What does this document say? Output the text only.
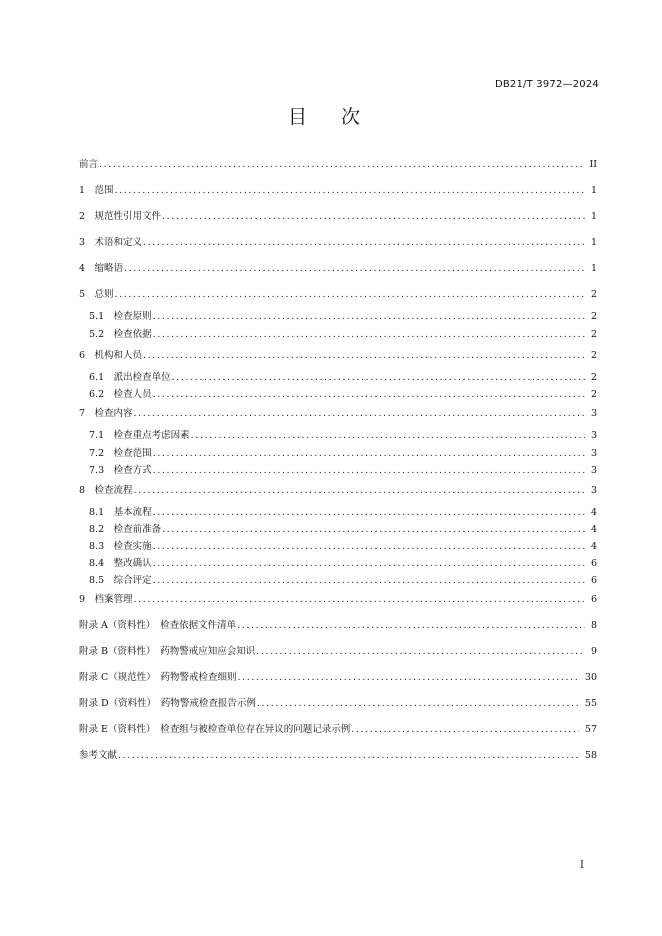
DB21/T 3972—2024
目 次
前言 .....	II
1　范围 .....	1
2　规范性引用文件 .....	1
3　术语和定义 .....	1
4　缩略语 .....	1
5　总则 .....	2
5.1　检查原则 .....	2
5.2　检查依据 .....	2
6　机构和人员 .....	2
6.1　派出检查单位 .....	2
6.2　检查人员 .....	2
7　检查内容 .....	3
7.1　检查重点考虑因素 .....	3
7.2　检查范围 .....	3
7.3　检查方式 .....	3
8　检查流程 .....	3
8.1　基本流程 .....	4
8.2　检查前准备 .....	4
8.3　检查实施 .....	4
8.4　整改确认 .....	6
8.5　综合评定 .....	6
9　档案管理 .....	6
附录 A（资料性）　检查依据文件清单 .....	8
附录 B（资料性）　药物警戒应知应会知识 .....	9
附录 C（规范性）　药物警戒检查细则 .....	30
附录 D（资料性）　药物警戒检查报告示例 .....	55
附录 E（资料性）　检查组与被检查单位存在异议的问题记录示例 .....	57
参考文献 .....	58
I
